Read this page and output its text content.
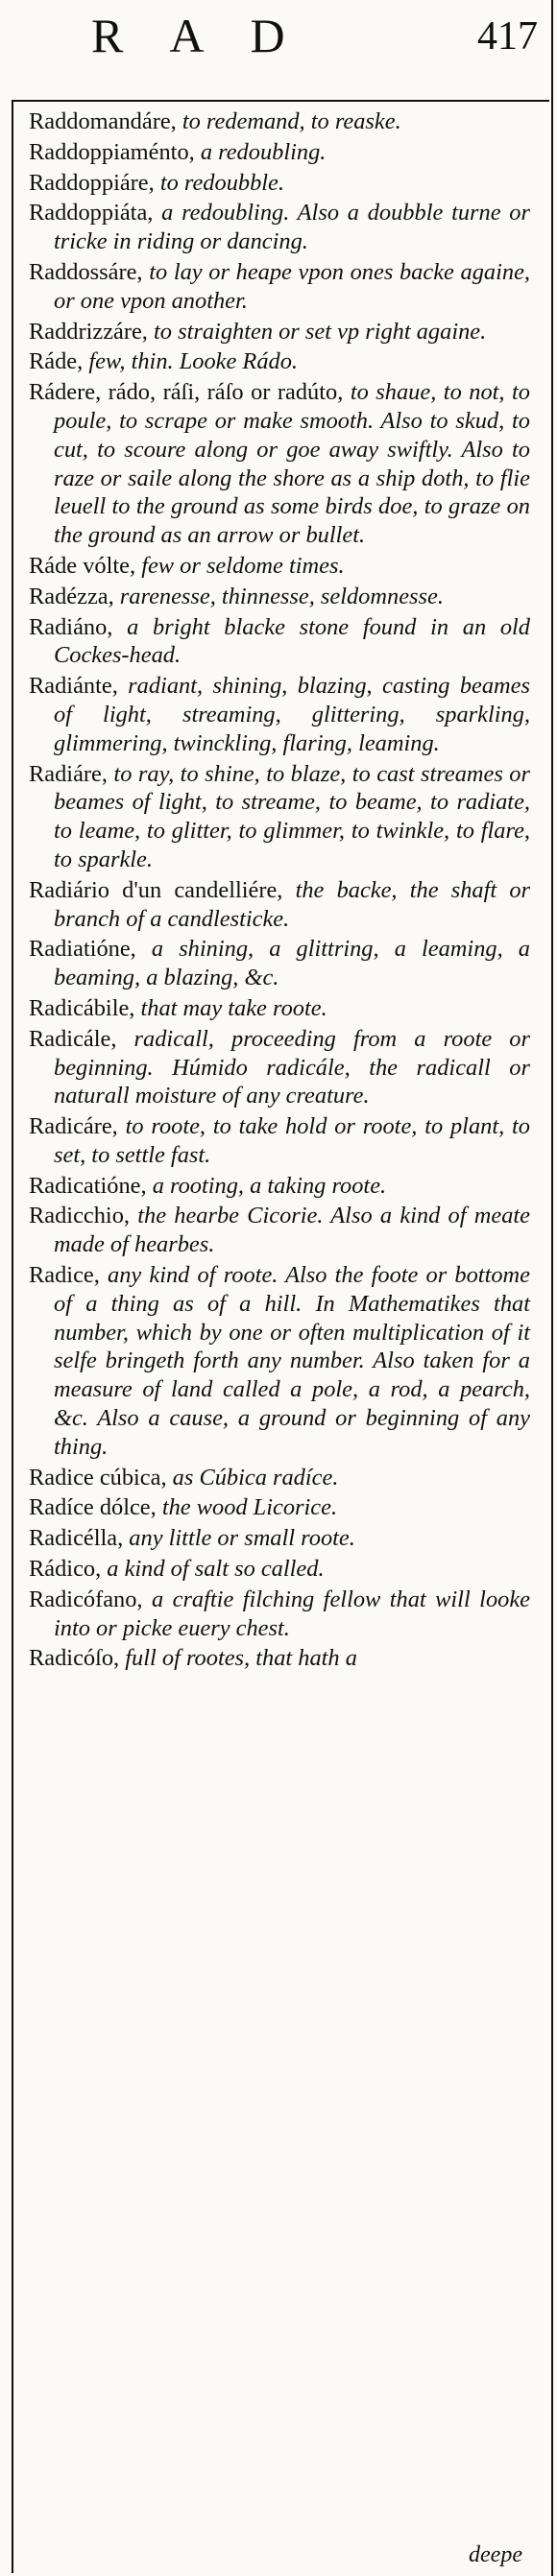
RAD	417
Raddomandáre, to redemand, to reaske.
Raddoppiaménto, a redoubling.
Raddoppiáre, to redoubble.
Raddoppiáta, a redoubling. Also a doubble turne or tricke in riding or dancing.
Raddossáre, to lay or heape vpon ones backe againe, or one vpon another.
Raddrizzáre, to straighten or set vp right againe.
Ráde, few, thin. Looke Rádo.
Rádere, rádo, ráſi, ráſo or radúto, to shaue, to not, to poule, to scrape or make smooth. Also to skud, to cut, to scoure along or goe away swiftly. Also to raze or saile along the shore as a ship doth, to flie leuell to the ground as some birds doe, to graze on the ground as an arrow or bullet.
Ráde vólte, few or seldome times.
Radézza, rarenesse, thinnesse, seldomnesse.
Radiáno, a bright blacke stone found in an old Cockes-head.
Radiánte, radiant, shining, blazing, casting beames of light, streaming, glittering, sparkling, glimmering, twinckling, flaring, leaming.
Radiáre, to ray, to shine, to blaze, to cast streames or beames of light, to streame, to beame, to radiate, to leame, to glitter, to glimmer, to twinkle, to flare, to sparkle.
Radiário d'un candelliére, the backe, the shaft or branch of a candlesticke.
Radiatióne, a shining, a glittring, a leaming, a beaming, a blazing, &c.
Radicábile, that may take roote.
Radicále, radicall, proceeding from a roote or beginning. Húmido radicále, the radicall or naturall moisture of any creature.
Radicáre, to roote, to take hold or roote, to plant, to set, to settle fast.
Radicatióne, a rooting, a taking roote.
Radicchio, the hearbe Cicorie. Also a kind of meate made of hearbes.
Radice, any kind of roote. Also the foote or bottome of a thing as of a hill. In Mathematikes that number, which by one or often multiplication of it selfe bringeth forth any number. Also taken for a measure of land called a pole, a rod, a pearch, &c. Also a cause, a ground or beginning of any thing.
Radice cúbica, as Cúbica radíce.
Radíce dólce, the wood Licorice.
Radicélla, any little or small roote.
Rádico, a kind of salt so called.
Radicófano, a craftie filching fellow that will looke into or picke euery chest.
Radicóſo, full of rootes, that hath a
deepe
